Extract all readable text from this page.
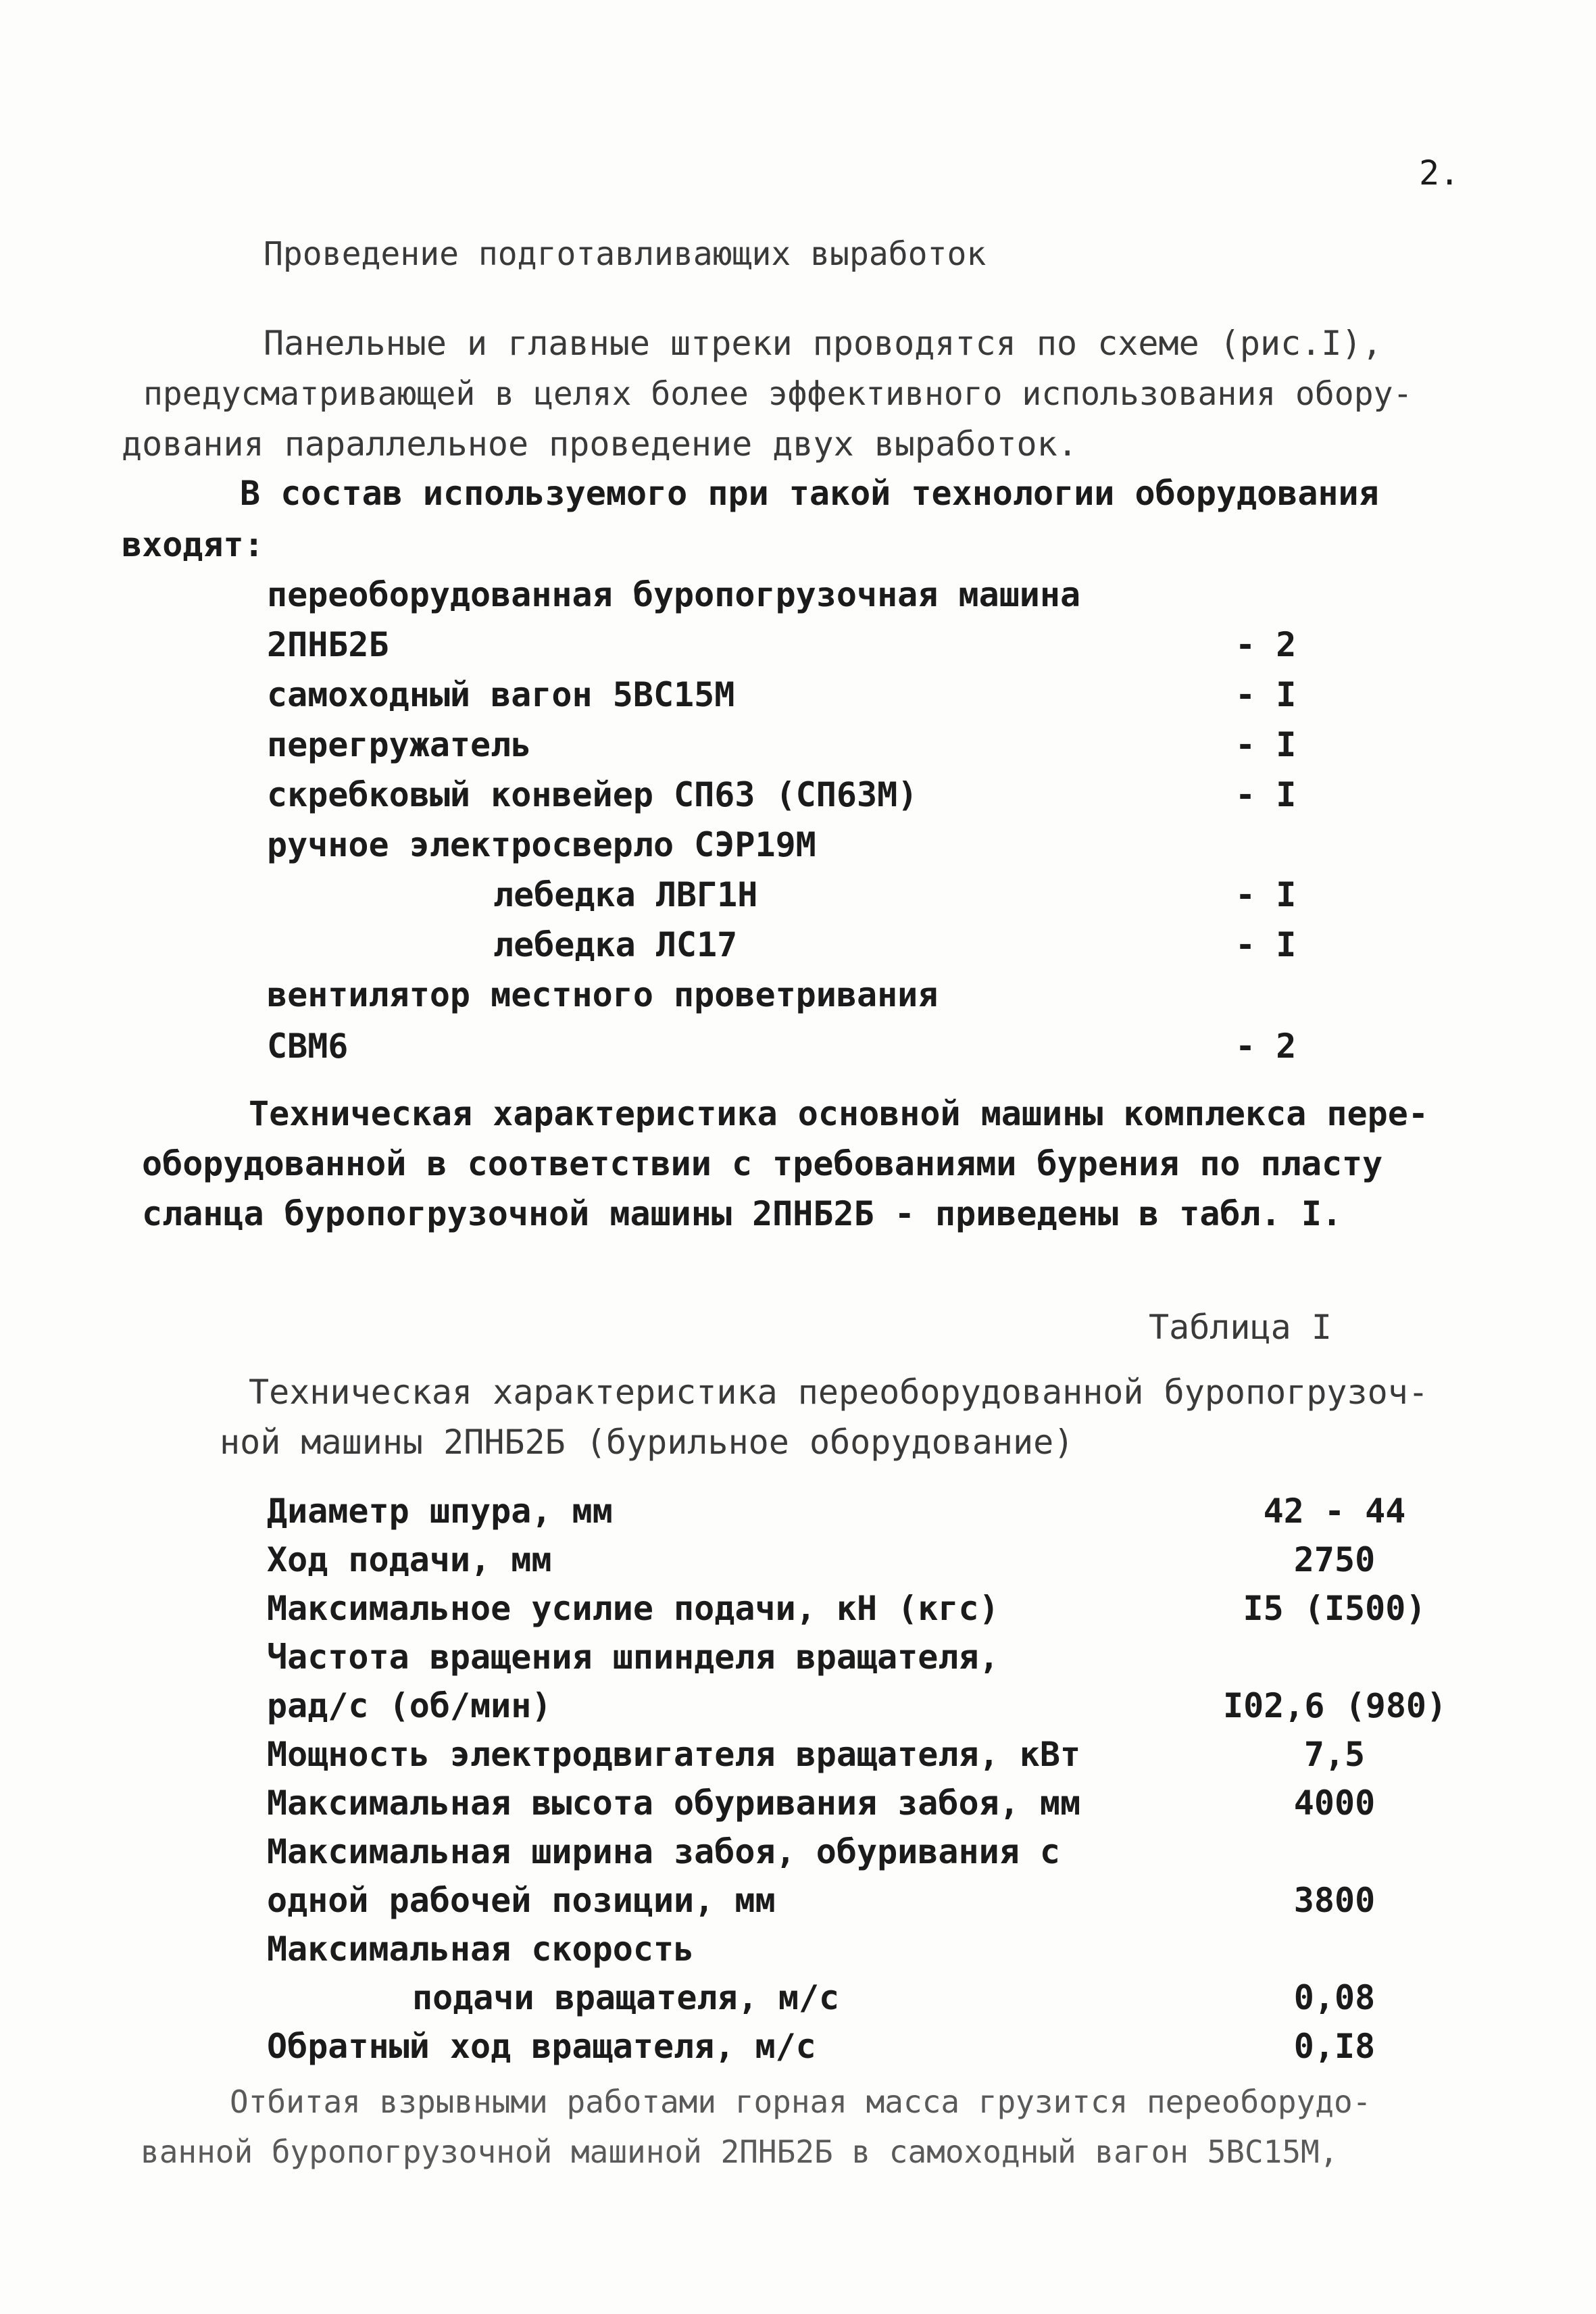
2.
Проведение подготавливающих выработок
Панельные и главные штреки проводятся по схеме (рис.I),
предусматривающей в целях более эффективного использования обору-
дования параллельное проведение двух выработок.
В состав используемого при такой технологии оборудования
входят:
переоборудованная буропогрузочная машина
2ПНБ2Б	- 2
самоходный вагон 5ВС15М	- I
перегружатель	- I
скребковый конвейер СП63 (СП63М)	- I
ручное электросверло СЭР19М
лебедка ЛВГ1Н	- I
лебедка ЛС17	- I
вентилятор местного проветривания
СВМ6	- 2
Техническая характеристика основной машины комплекса пере-
оборудованной в соответствии с требованиями бурения по пласту
сланца буропогрузочной машины 2ПНБ2Б - приведены в табл. I.
Таблица I
Техническая характеристика переоборудованной буропогрузоч-
ной машины 2ПНБ2Б (бурильное оборудование)
Диаметр шпура, мм	42 - 44
Ход подачи, мм	2750
Максимальное усилие подачи, кН (кгс)	I5 (I500)
Частота вращения шпинделя вращателя,
рад/с (об/мин)	I02,6 (980)
Мощность электродвигателя вращателя, кВт	7,5
Максимальная высота обуривания забоя, мм	4000
Максимальная ширина забоя, обуривания с
одной рабочей позиции, мм	3800
Максимальная скорость
подачи вращателя, м/с	0,08
Обратный ход вращателя, м/с	0,I8
Отбитая взрывными работами горная масса грузится переоборудо-
ванной буропогрузочной машиной 2ПНБ2Б в самоходный вагон 5ВС15М,
